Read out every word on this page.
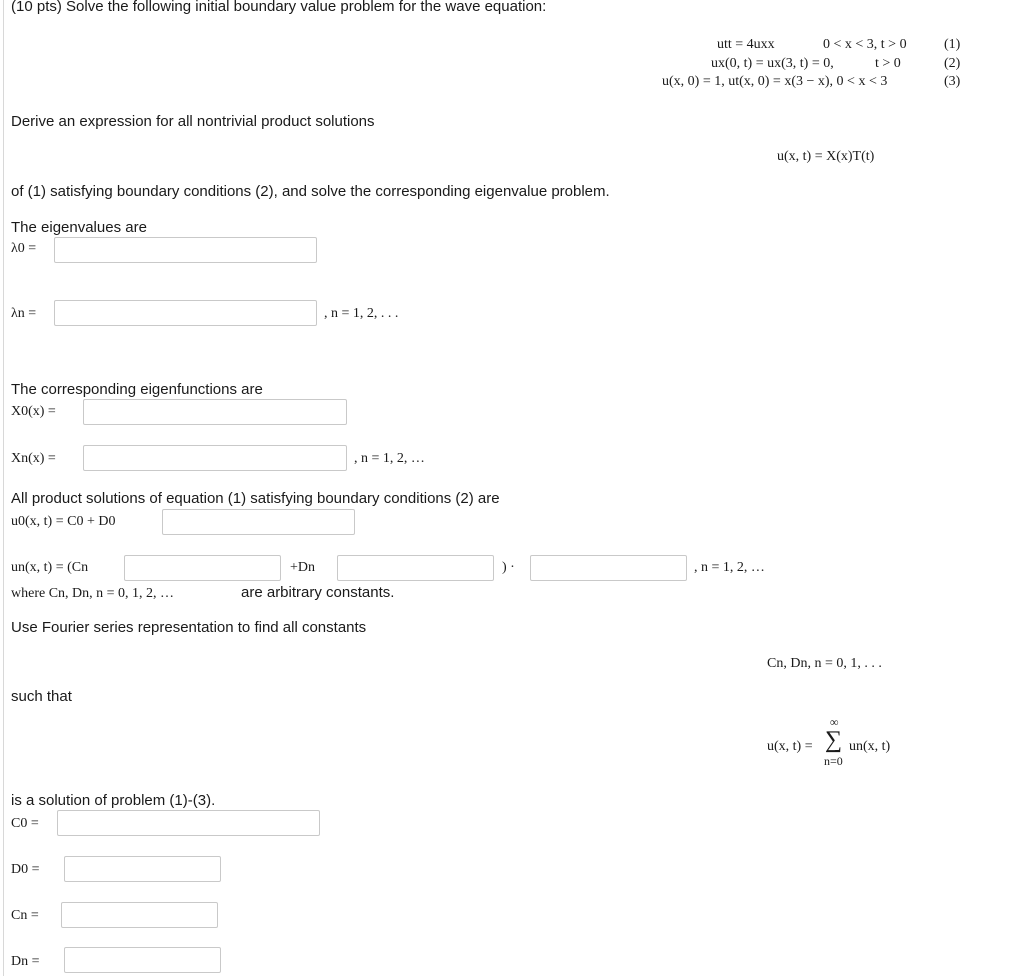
(10 pts) Solve the following initial boundary value problem for the wave equation:
utt = 4uxx	0 < x < 3, t > 0	(1)
ux(0, t) = ux(3, t) = 0,	t > 0	(2)
u(x, 0) = 1, ut(x, 0) = x(3 − x), 0 < x < 3	(3)
Derive an expression for all nontrivial product solutions
u(x, t) = X(x)T(t)
of (1) satisfying boundary conditions (2), and solve the corresponding eigenvalue problem.
The eigenvalues are
λ0 =
λn =	, n = 1, 2, . . .
The corresponding eigenfunctions are
X0(x) =
Xn(x) =	, n = 1, 2, …
All product solutions of equation (1) satisfying boundary conditions (2) are
u0(x, t) = C0 + D0
un(x, t) = (Cn	+Dn	) ·	, n = 1, 2, …
where Cn, Dn, n = 0, 1, 2, …	are arbitrary constants.
Use Fourier series representation to find all constants
Cn, Dn, n = 0, 1, . . .
such that
u(x, t) =
∞
∑
n=0
un(x, t)
is a solution of problem (1)-(3).
C0 =
D0 =
Cn =
Dn =
